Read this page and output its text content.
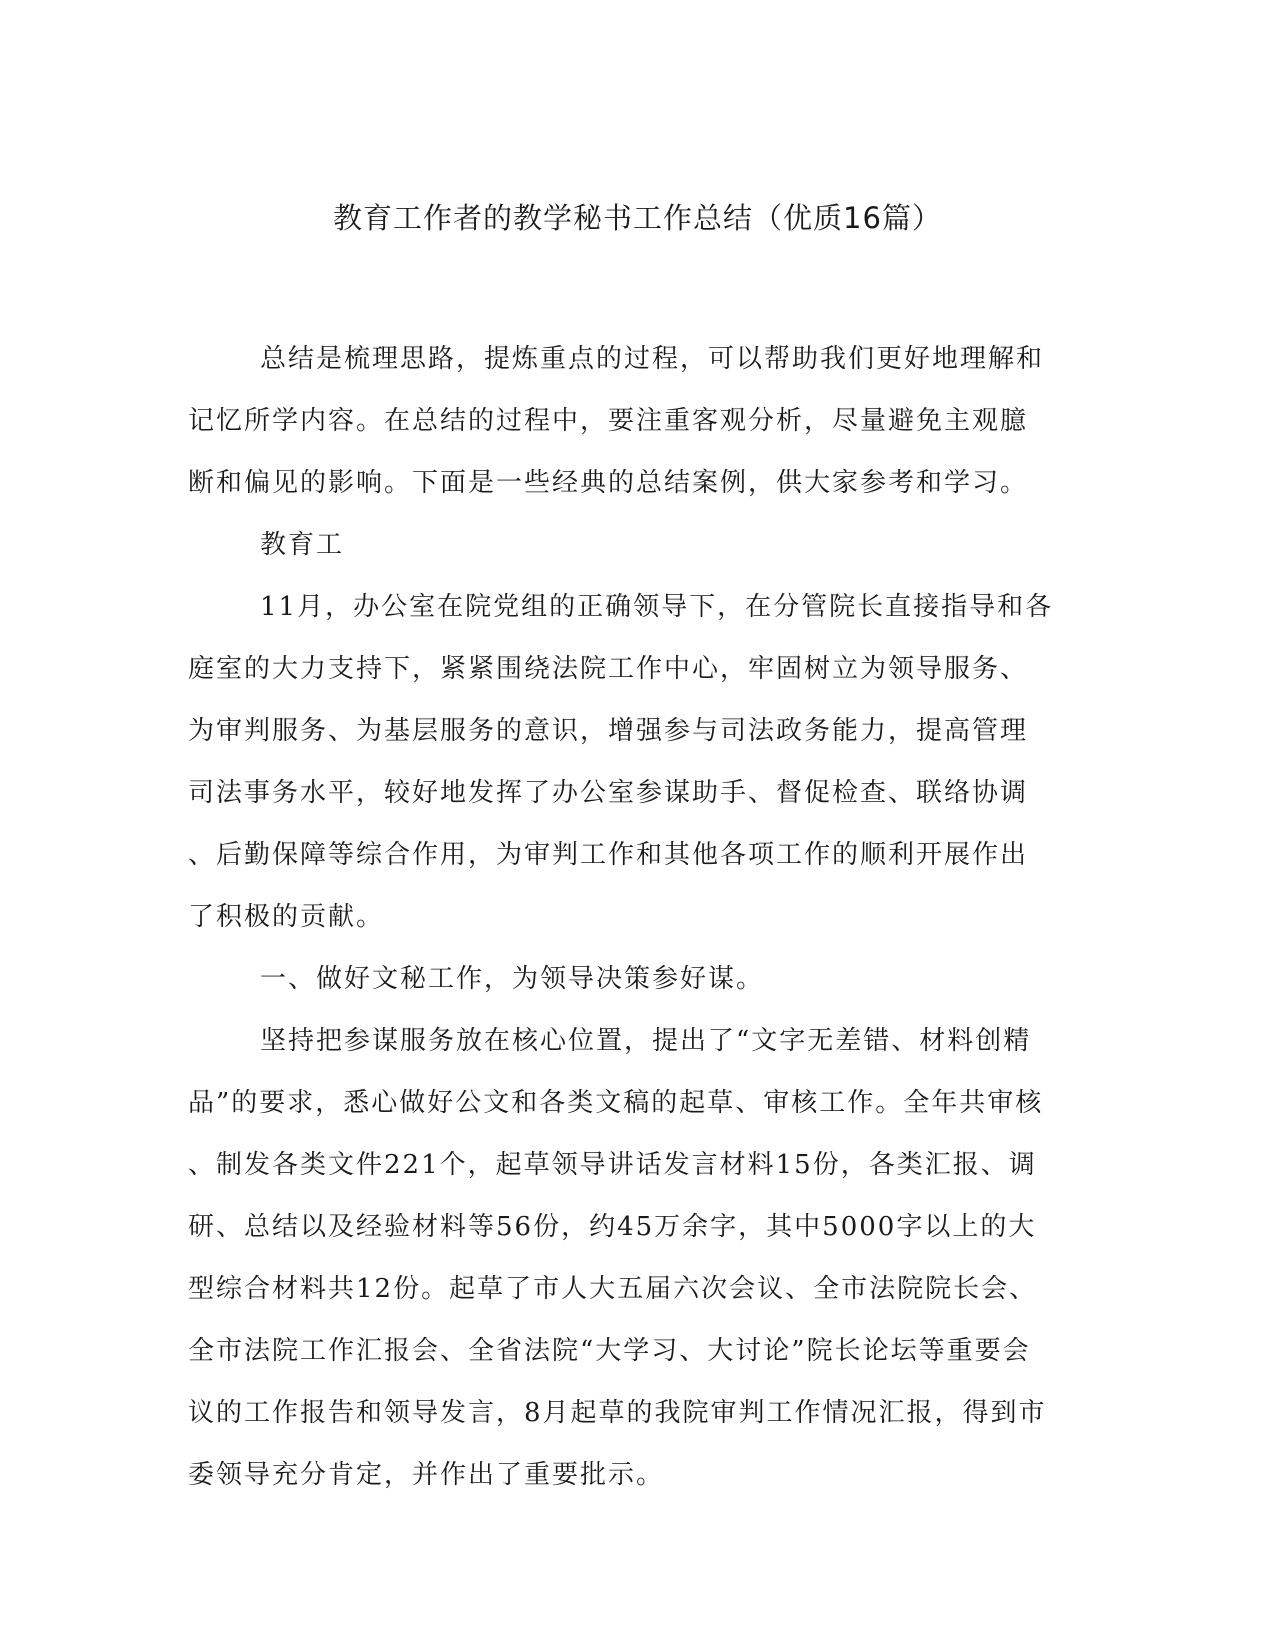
教育工作者的教学秘书工作总结（优质16篇）
总结是梳理思路，提炼重点的过程，可以帮助我们更好地理解和
记忆所学内容。在总结的过程中，要注重客观分析，尽量避免主观臆
断和偏见的影响。下面是一些经典的总结案例，供大家参考和学习。
教育工
11月，办公室在院党组的正确领导下，在分管院长直接指导和各
庭室的大力支持下，紧紧围绕法院工作中心，牢固树立为领导服务、
为审判服务、为基层服务的意识，增强参与司法政务能力，提高管理
司法事务水平，较好地发挥了办公室参谋助手、督促检查、联络协调
、后勤保障等综合作用，为审判工作和其他各项工作的顺利开展作出
了积极的贡献。
一、做好文秘工作，为领导决策参好谋。
坚持把参谋服务放在核心位置，提出了“文字无差错、材料创精
品”的要求，悉心做好公文和各类文稿的起草、审核工作。全年共审核
、制发各类文件221个，起草领导讲话发言材料15份，各类汇报、调
研、总结以及经验材料等56份，约45万余字，其中5000字以上的大
型综合材料共12份。起草了市人大五届六次会议、全市法院院长会、
全市法院工作汇报会、全省法院“大学习、大讨论”院长论坛等重要会
议的工作报告和领导发言，8月起草的我院审判工作情况汇报，得到市
委领导充分肯定，并作出了重要批示。
